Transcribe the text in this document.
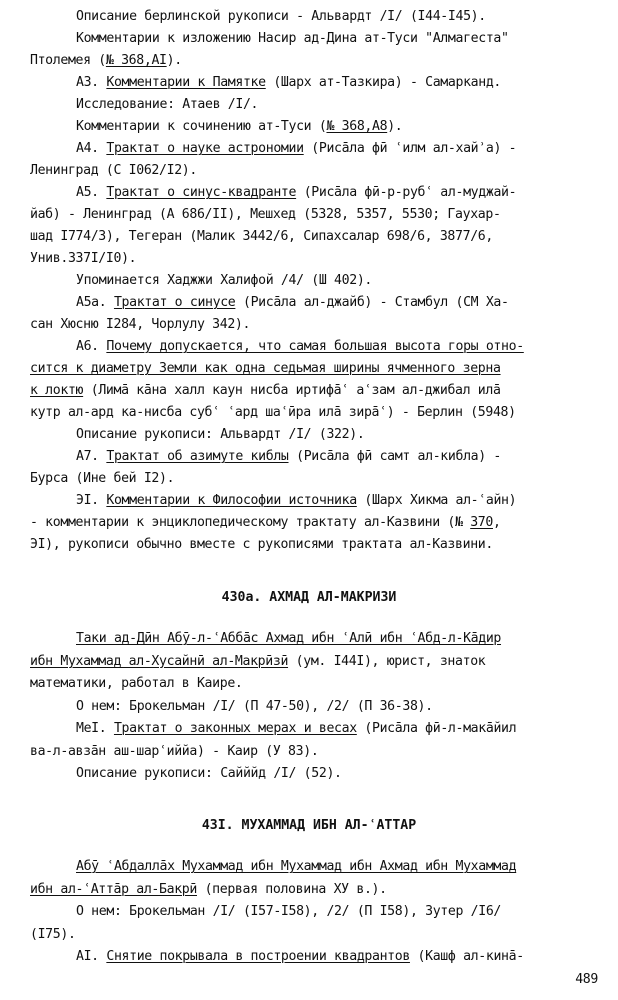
Описание берлинской рукописи - Альвардт /I/ (I44-I45).
Комментарии к изложению Насир ад-Дина ат-Туси "Алмагеста"
Птолемея (№ 368,AI).
А3. Комментарии к Памятке (Шарх ат-Тазкира) - Самарканд.
Исследование: Атаев /I/.
Комментарии к сочинению ат-Туси (№ 368,А8).
А4. Трактат о науке астрономии (Рисāла фӣ ʿилм ал-хайʾа) -
Ленинград (С I062/I2).
А5. Трактат о синус-квадранте (Рисāла фӣ-р-рубʿ ал-муджай-
йаб) - Ленинград (А 686/II), Мешхед (5328, 5357, 5530; Гаухар-
шад I774/3), Тегеран (Малик 3442/6, Сипахсалар 698/6, 3877/6,
Унив.337I/I0).
Упоминается Хаджжи Халифой /4/ (Ш 402).
А5а. Трактат о синусе (Рисāла ал-джайб) - Стамбул (СМ Ха-
сан Хюсню I284, Чорлулу 342).
А6. Почему допускается, что самая большая высота горы отно-
сится к диаметру Земли как одна седьмая ширины ячменного зерна
к локтю (Лимā кāна халл каун нисба иртифāʿ aʿзам ал-джибал илā
кутр ал-ард ка-нисба субʿ ʿард шаʿӣра илā зирāʿ) - Берлин (5948)
Описание рукописи: Альвардт /I/ (322).
А7. Трактат об азимуте киблы (Рисāла фӣ самт ал-кибла) -
Бурса (Ине бей I2).
ЭI. Комментарии к Философии источника (Шарх Хикма ал-ʿайн)
- комментарии к энциклопедическому трактату ал-Казвини (№ 370,
ЭI), рукописи обычно вместе с рукописями трактата ал-Казвини.
430а. АХМАД АЛ-МАКРИЗИ
Таки ад-Дӣн Абӯ-л-ʿАббāс Ахмад ибн ʿАлӣ ибн ʿАбд-л-Кāдир
ибн Мухаммад ал-Хусайнӣ ал-Макрӣзӣ (ум. I44I), юрист, знаток
математики, работал в Каире.
О нем: Брокельман /I/ (П 47-50), /2/ (П 36-38).
МеI. Трактат о законных мерах и весах (Рисāла фӣ-л-макāйил
ва-л-авзāн аш-шарʿиййа) - Каир (У 83).
Описание рукописи: Сайййд /I/ (52).
43I. МУХАММАД ИБН АЛ-ʿАТТАР
Абӯ ʿАбдаллāх Мухаммад ибн Мухаммад ибн Ахмад ибн Мухаммад
ибн ал-ʿАттāр ал-Бакрӣ (первая половина ХУ в.).
О нем: Брокельман /I/ (I57-I58), /2/ (П I58), Зутер /I6/
(I75).
АI. Снятие покрывала в построении квадрантов (Кашф ал-кинā-
489
